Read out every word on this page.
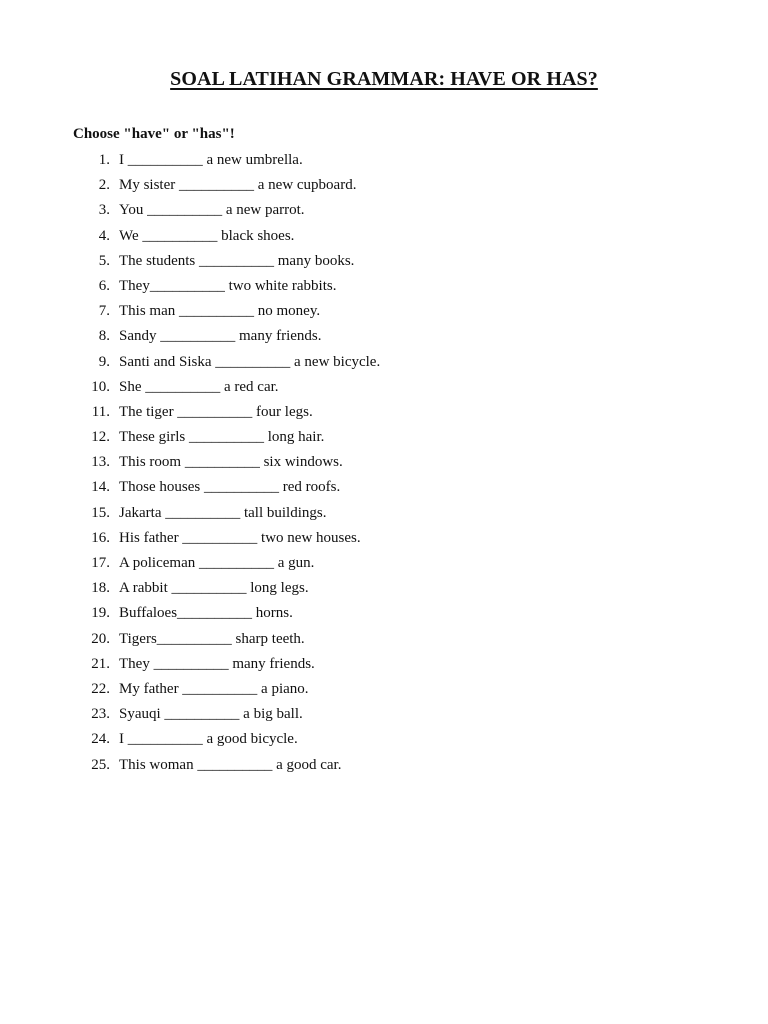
SOAL LATIHAN GRAMMAR: HAVE OR HAS?
Choose "have" or "has"!
1. I __________ a new umbrella.
2. My sister __________ a new cupboard.
3. You __________ a new parrot.
4. We __________ black shoes.
5. The students __________ many books.
6. They__________ two white rabbits.
7. This man __________ no money.
8. Sandy __________ many friends.
9. Santi and Siska __________ a new bicycle.
10. She __________ a red car.
11. The tiger __________ four legs.
12. These girls __________ long hair.
13. This room __________ six windows.
14. Those houses __________ red roofs.
15. Jakarta __________ tall buildings.
16. His father __________ two new houses.
17. A policeman __________ a gun.
18. A rabbit __________ long legs.
19. Buffaloes__________ horns.
20. Tigers__________ sharp teeth.
21. They __________ many friends.
22. My father __________ a piano.
23. Syauqi __________ a big ball.
24. I __________ a good bicycle.
25. This woman __________ a good car.
